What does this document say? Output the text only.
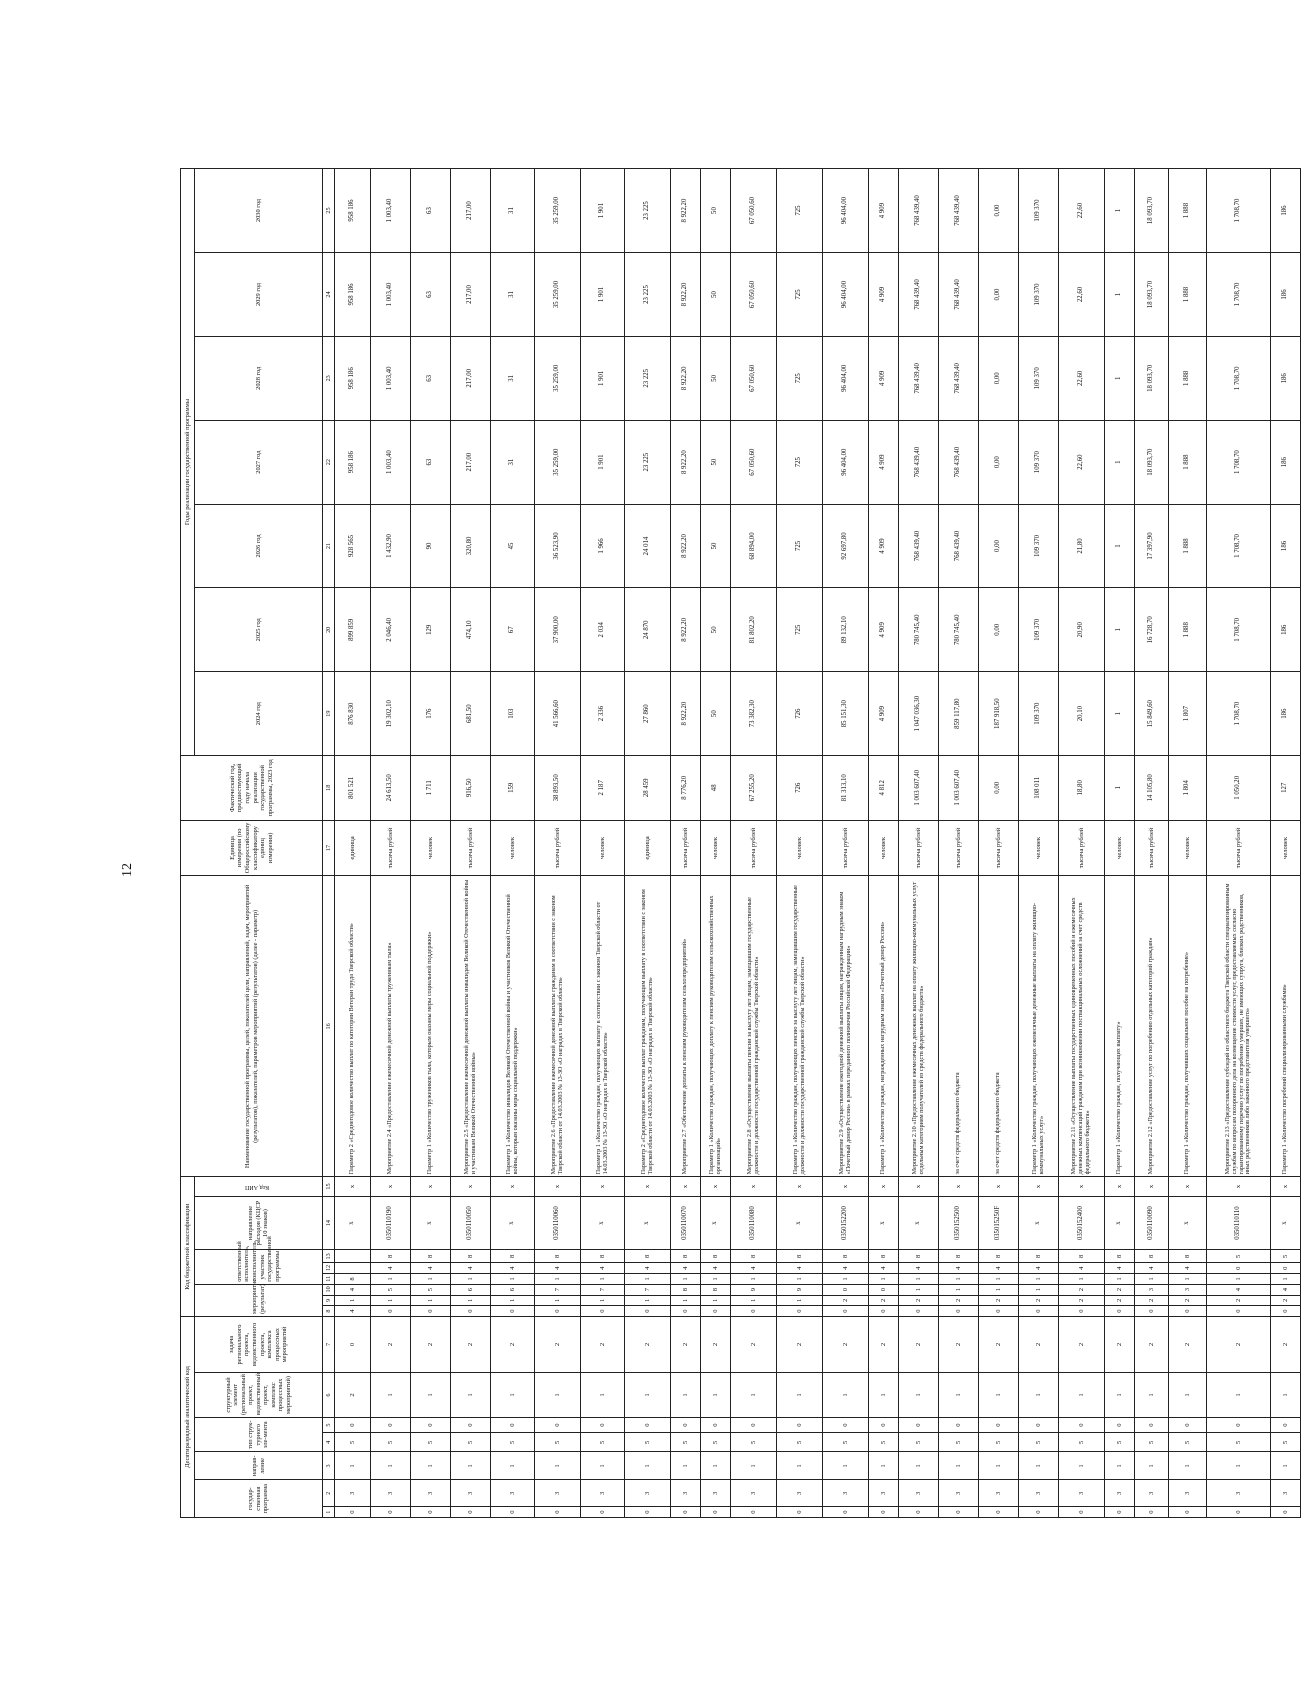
12
Десятиразрядный аналитический код							Код бюджетной классификации								Наименование государственной программы, целей, показателей цели, направлений, задач, мероприятий (результатов), показателей, параметров мероприятий (результатов) (далее - параметр)	Единица измерения (по Общероссийскому классификатору единиц измерения)	Фактический год, предшествующий году начала реализации государственной программы, 2023 год	Годы реализации государственной программы						
государ-ственная программа		направ-ление	тип струк-турного эле-мента		структурный элемент (региональный проект, ведомственный проект, комплекс процессных мероприятий)	задача регионального проекта, ведомственного проекта, комплекса процессных мероприятий	мероприятие (результат)			ответственный исполнитель, соисполнитель, участник государственной программы			направление расходов (КЦСР 10 знаков)	Код АИП				2024 год	2025 год	2026 год	2027 год	2028 год	2029 год	2030 год
1	2	3	4	5	6	7	8	9	10	11	12	13	14	15	16	17	18	19	20	21	22	23	24	25
0	3	1	5	0	2	0	4	1	4	8			x	x	Параметр 2 «Среднегодовое количество выплат по категории Ветеран труда Тверской области»	единица	801 521	876 830	899 859	928 565	958 186	958 186	958 186	958 186
0	3	1	5	0	1	2	0	1	5	1	4	8	0350110190	x	Мероприятие 2.4 «Предоставление ежемесячной денежной выплаты труженикам тыла»	тысяча рублей	24 613,50	19 302,10	2 046,40	1 432,90	1 003,40	1 003,40	1 003,40	1 003,40
0	3	1	5	0	1	2	0	1	5	1	4	8	x	x	Параметр 1 «Количество тружеников тыла, которым оказаны меры социальной поддержки»	человек	1 711	176	129	90	63	63	63	63
0	3	1	5	0	1	2	0	1	6	1	4	8	0350110050	x	Мероприятие 2.5 «Предоставление ежемесячной денежной выплаты инвалидам Великой Отечественной войны и участникам Великой Отечественной войны»	тысяча рублей	916,50	681,50	474,10	320,80	217,00	217,00	217,00	217,00
0	3	1	5	0	1	2	0	1	6	1	4	8	x	x	Параметр 1 «Количество инвалидов Великой Отечественной войны и участников Великой Отечественной войны, которым оказаны меры социальной поддержки»	человек	159	103	67	45	31	31	31	31
0	3	1	5	0	1	2	0	1	7	1	4	8	0350110060	x	Мероприятие 2.6 «Предоставление ежемесячной денежной выплаты гражданам в соответствии с законом Тверской области от 14.03.2003 № 13-ЗО «О наградах в Тверской области»	тысяча рублей	38 893,50	41 566,60	37 900,00	36 523,90	35 259,00	35 259,00	35 259,00	35 259,00
0	3	1	5	0	1	2	0	1	7	1	4	8	x	x	Параметр 1 «Количество граждан, получающих выплату в соответствии с законом Тверской области от 14.03.2003 № 13-ЗО «О наградах в Тверской области»	человек	2 187	2 336	2 034	1 966	1 901	1 901	1 901	1 901
0	3	1	5	0	1	2	0	1	7	1	4	8	x	x	Параметр 2 «Среднегодовое количество выплат гражданам, получающим выплату в соответствии с законом Тверской области от 14.03.2003 № 13-ЗО «О наградах в Тверской области»	единица	28 459	27 860	24 870	24 014	23 225	23 225	23 225	23 225
0	3	1	5	0	1	2	0	1	8	1	4	8	0350110070	x	Мероприятие 2.7 «Обеспечение доплаты к пенсиям руководителям сельхозпредприятий»	тысяча рублей	8 776,20	8 922,20	8 922,20	8 922,20	8 922,20	8 922,20	8 922,20	8 922,20
0	3	1	5	0	1	2	0	1	8	1	4	8	x	x	Параметр 1 «Количество граждан, получающих доплату к пенсиям руководителям сельскохозяйственных организаций»	человек	48	50	50	50	50	50	50	50
0	3	1	5	0	1	2	0	1	9	1	4	8	0350110080	x	Мероприятие 2.8 «Осуществление выплаты пенсии за выслугу лет лицам, замещавшим государственные должности и должности государственной гражданской службы Тверской области»	тысяча рублей	67 255,20	73 382,30	81 802,20	68 894,00	67 050,60	67 050,60	67 050,60	67 050,60
0	3	1	5	0	1	2	0	1	9	1	4	8	x	x	Параметр 1 «Количество граждан, получающих пенсию за выслугу лет лицам, замещавшим государственные должности и должности государственной гражданской службы Тверской области»	человек	726	726	725	725	725	725	725	725
0	3	1	5	0	1	2	0	2	0	1	4	8	0350152200	x	Мероприятие 2.9 «Осуществление ежегодной денежной выплаты лицам, награжденным нагрудным знаком «Почетный донор России» в рамках переданного полномочия Российской Федерации»	тысяча рублей	81 313,10	85 151,30	89 132,10	92 697,80	96 404,00	96 404,00	96 404,00	96 404,00
0	3	1	5	0	1	2	0	2	0	1	4	8	x	x	Параметр 1 «Количество граждан, награжденных нагрудным знаком «Почетный донор России»	человек	4 812	4 909	4 909	4 909	4 909	4 909	4 909	4 909
0	3	1	5	0	1	2	0	2	1	1	4	8	x	x	Мероприятие 2.10 «Предоставление ежемесячных денежных выплат на оплату жилищно-коммунальных услуг отдельным категориям получателей из средств федерального бюджета»	тысяча рублей	1 003 607,40	1 047 036,30	780 745,40	768 439,40	768 439,40	768 439,40	768 439,40	768 439,40
0	3	1	5	0	1	2	0	2	1	1	4	8	0350152500	x	за счет средств федерального бюджета	тысяча рублей	1 003 607,40	859 117,80	780 745,40	768 439,40	768 439,40	768 439,40	768 439,40	768 439,40
0	3	1	5	0	1	2	0	2	1	1	4	8	035015250F	x	за счет средств федерального бюджета	тысяча рублей	0,00	187 918,50	0,00	0,00	0,00	0,00	0,00	0,00
0	3	1	5	0	1	2	0	2	1	1	4	8	x	x	Параметр 1 «Количество граждан, получающих ежемесячные денежные выплаты на оплату жилищно-коммунальных услуг»	человек	108 011	109 370	109 370	109 370	109 370	109 370	109 370	109 370
0	3	1	5	0	1	2	0	2	2	1	4	8	0350152400	x	Мероприятие 2.11 «Осуществление выплаты государственных единовременных пособий и ежемесячных денежных компенсаций гражданам при возникновении поствакцинальных осложнений за счет средств федерального бюджета»	тысяча рублей	18,80	20,10	20,90	21,80	22,60	22,60	22,60	22,60
0	3	1	5	0	1	2	0	2	2	1	4	8	x	x	Параметр 1 «Количество граждан, получающих выплату»	человек	1	1	1	1	1	1	1	1
0	3	1	5	0	1	2	0	2	3	1	4	8	0350110090	x	Мероприятие 2.12 «Предоставление услуг по погребению отдельных категорий граждан»	тысяча рублей	14 105,80	15 849,60	16 728,70	17 397,90	18 093,70	18 093,70	18 093,70	18 093,70
0	3	1	5	0	1	2	0	2	3	1	4	8	x	x	Параметр 1 «Количество граждан, получивших социальное пособие на погребение»	человек	1 804	1 807	1 888	1 888	1 888	1 888	1 888	1 888
0	3	1	5	0	1	2	0	2	4	1	0	5	0350110110	x	Мероприятие 2.13 «Предоставление субсидий из областного бюджета Тверской области специализированным службам по вопросам похоронного дела на возмещение стоимости услуг, предоставляемых согласно гарантированному перечню услуг по погребению умерших, не имеющих супруга, близких родственников, иных родственников либо законного представителя умершего»	тысяча рублей	1 050,20	1 708,70	1 708,70	1 708,70	1 708,70	1 708,70	1 708,70	1 708,70
0	3	1	5	0	1	2	0	2	4	1	0	5	x	x	Параметр 1 «Количество погребений специализированными службами»	человек	127	186	186	186	186	186	186	186
